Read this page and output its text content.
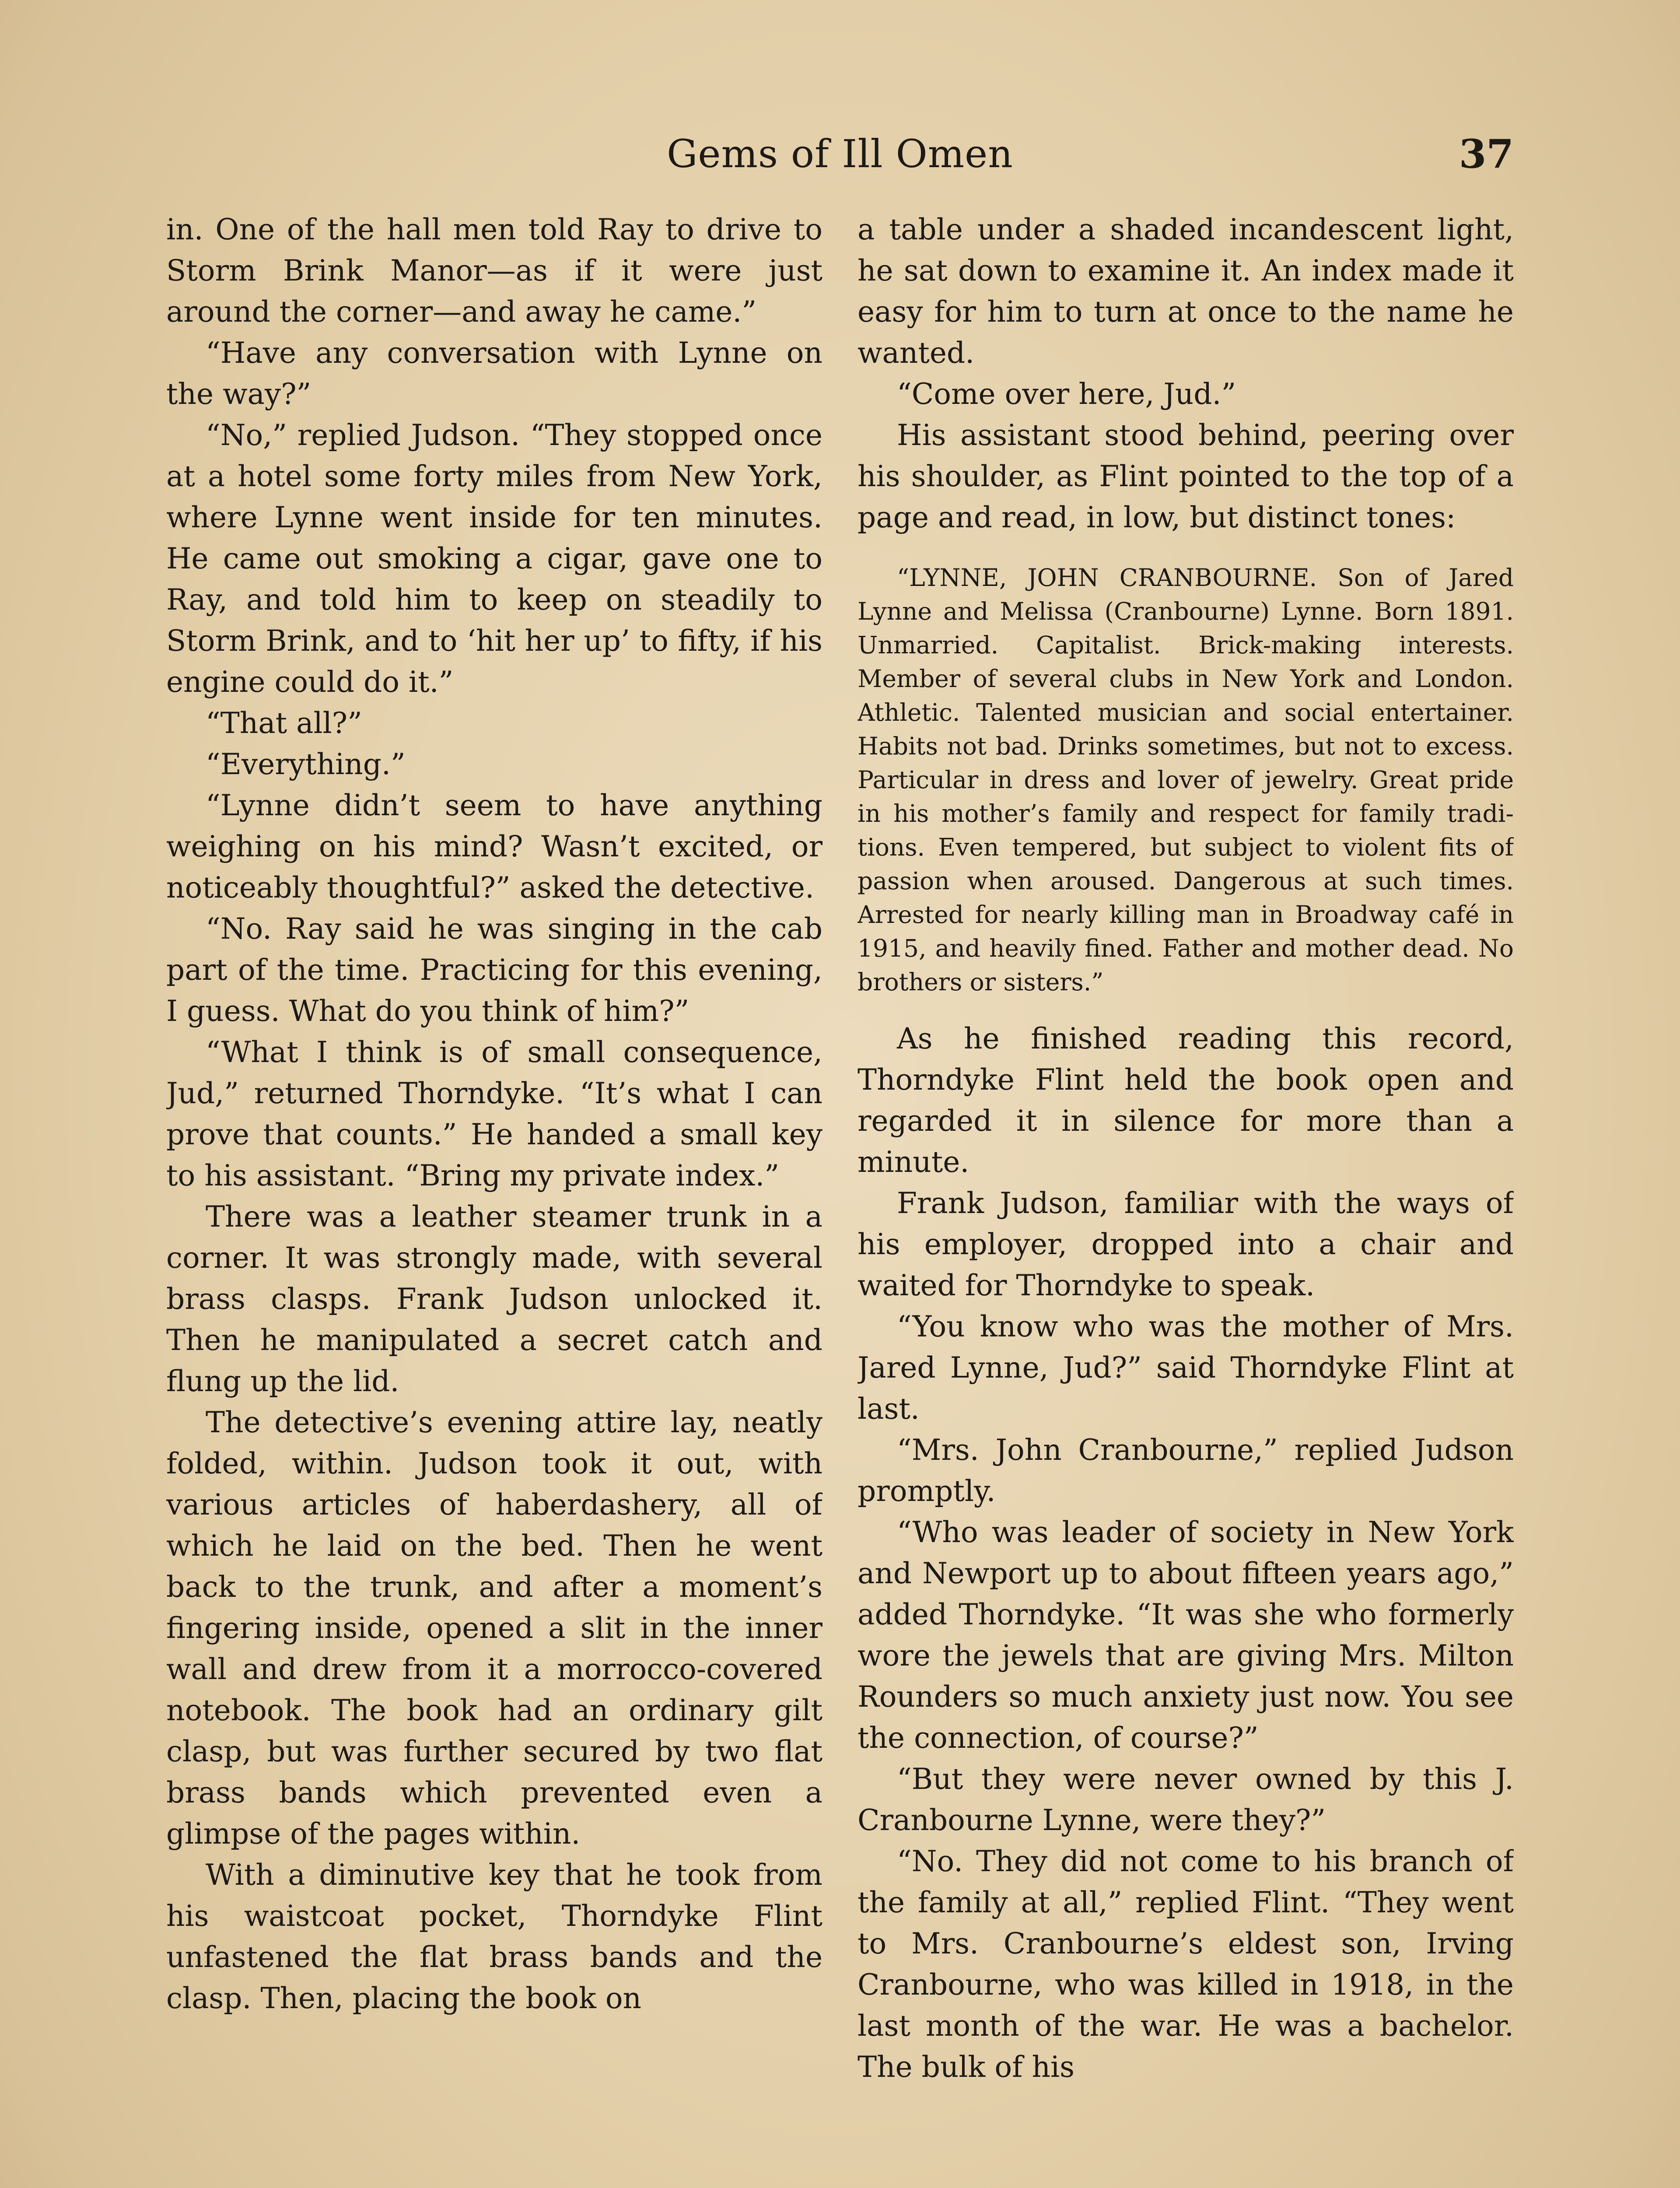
Gems of Ill Omen	37

in. One of the hall men told Ray to drive to Storm Brink Manor—as if it were just around the corner—and away he came.”

“Have any conversation with Lynne on the way?”

“No,” replied Judson. “They stopped once at a hotel some forty miles from New York, where Lynne went inside for ten minutes. He came out smoking a cigar, gave one to Ray, and told him to keep on steadily to Storm Brink, and to ‘hit her up’ to fifty, if his engine could do it.”

“That all?”

“Everything.”

“Lynne didn’t seem to have anything weighing on his mind? Wasn’t excited, or noticeably thoughtful?” asked the detective.

“No. Ray said he was singing in the cab part of the time. Practicing for this evening, I guess. What do you think of him?”

“What I think is of small consequence, Jud,” returned Thorndyke. “It’s what I can prove that counts.” He handed a small key to his assistant. “Bring my private index.”

There was a leather steamer trunk in a corner. It was strongly made, with several brass clasps. Frank Judson unlocked it. Then he manipulated a secret catch and flung up the lid.

The detective’s evening attire lay, neatly folded, within. Judson took it out, with various articles of haberdashery, all of which he laid on the bed. Then he went back to the trunk, and after a moment’s fingering inside, opened a slit in the inner wall and drew from it a morrocco-covered notebook. The book had an ordinary gilt clasp, but was further secured by two flat brass bands which prevented even a glimpse of the pages within.

With a diminutive key that he took from his waistcoat pocket, Thorndyke Flint unfastened the flat brass bands and the clasp. Then, placing the book on

a table under a shaded incandescent light, he sat down to examine it. An index made it easy for him to turn at once to the name he wanted.

“Come over here, Jud.”

His assistant stood behind, peering over his shoulder, as Flint pointed to the top of a page and read, in low, but distinct tones:

“LYNNE, JOHN CRANBOURNE. Son of Jared Lynne and Melissa (Cranbourne) Lynne. Born 1891. Unmarried. Capitalist. Brick-making interests. Member of several clubs in New York and London. Athletic. Talented musician and social entertainer. Habits not bad. Drinks sometimes, but not to excess. Particular in dress and lover of jewelry. Great pride in his mother’s family and respect for family traditions. Even tempered, but subject to violent fits of passion when aroused. Dangerous at such times. Arrested for nearly killing man in Broadway café in 1915, and heavily fined. Father and mother dead. No brothers or sisters.”

As he finished reading this record, Thorndyke Flint held the book open and regarded it in silence for more than a minute.

Frank Judson, familiar with the ways of his employer, dropped into a chair and waited for Thorndyke to speak.

“You know who was the mother of Mrs. Jared Lynne, Jud?” said Thorndyke Flint at last.

“Mrs. John Cranbourne,” replied Judson promptly.

“Who was leader of society in New York and Newport up to about fifteen years ago,” added Thorndyke. “It was she who formerly wore the jewels that are giving Mrs. Milton Rounders so much anxiety just now. You see the connection, of course?”

“But they were never owned by this J. Cranbourne Lynne, were they?”

“No. They did not come to his branch of the family at all,” replied Flint. “They went to Mrs. Cranbourne’s eldest son, Irving Cranbourne, who was killed in 1918, in the last month of the war. He was a bachelor. The bulk of his
